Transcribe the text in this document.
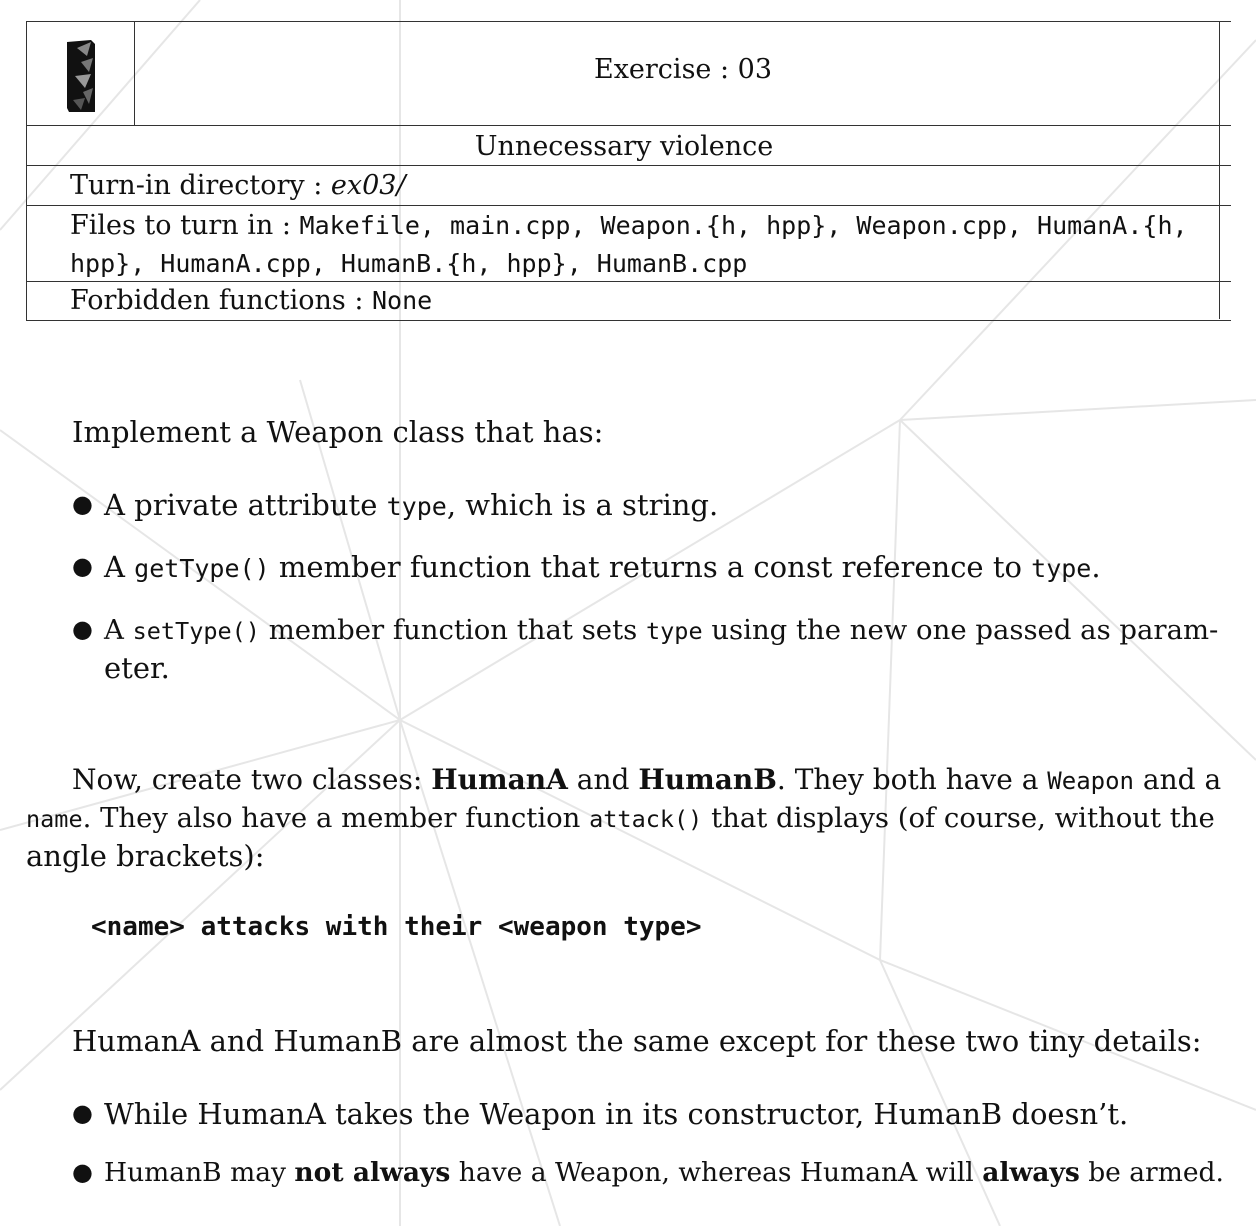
Exercise : 03
Unnecessary violence
Turn-in directory : ex03/
Files to turn in : Makefile, main.cpp, Weapon.{h, hpp}, Weapon.cpp, HumanA.{h,
hpp}, HumanA.cpp, HumanB.{h, hpp}, HumanB.cpp
Forbidden functions : None
Implement a Weapon class that has:
● A private attribute type, which is a string.
● A getType() member function that returns a const reference to type.
● A setType() member function that sets type using the new one passed as param-
eter.
Now, create two classes: HumanA and HumanB. They both have a Weapon and a
name. They also have a member function attack() that displays (of course, without the
angle brackets):
<name> attacks with their <weapon type>
HumanA and HumanB are almost the same except for these two tiny details:
● While HumanA takes the Weapon in its constructor, HumanB doesn’t.
● HumanB may not always have a Weapon, whereas HumanA will always be armed.
